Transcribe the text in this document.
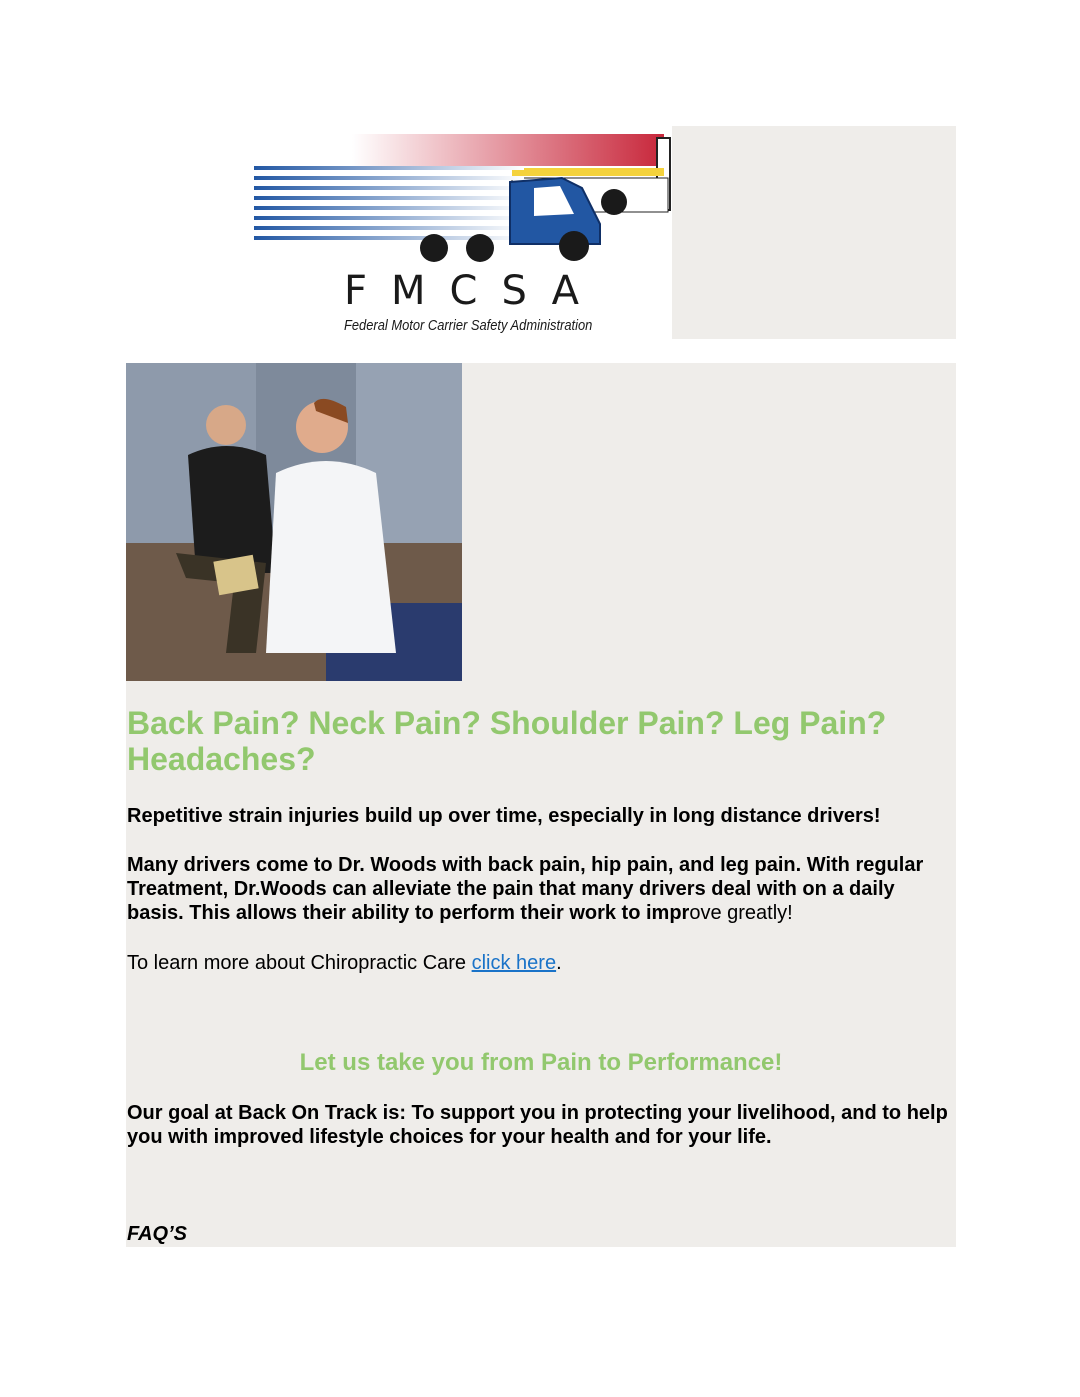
FMCSA
Federal Motor Carrier Safety Administration
Back Pain? Neck Pain? Shoulder Pain? Leg Pain? Headaches?
Repetitive strain injuries build up over time, especially in long distance drivers!
Many drivers come to Dr. Woods with back pain, hip pain, and leg pain. With regular Treatment, Dr.Woods can alleviate the pain that many drivers deal with on a daily basis. This allows their ability to perform their work to improve greatly!
To learn more about Chiropractic Care click here.
Let us take you from Pain to Performance!
Our goal at Back On Track is: To support you in protecting your livelihood, and to help you with improved lifestyle choices for your health and for your life.
FAQ’S
